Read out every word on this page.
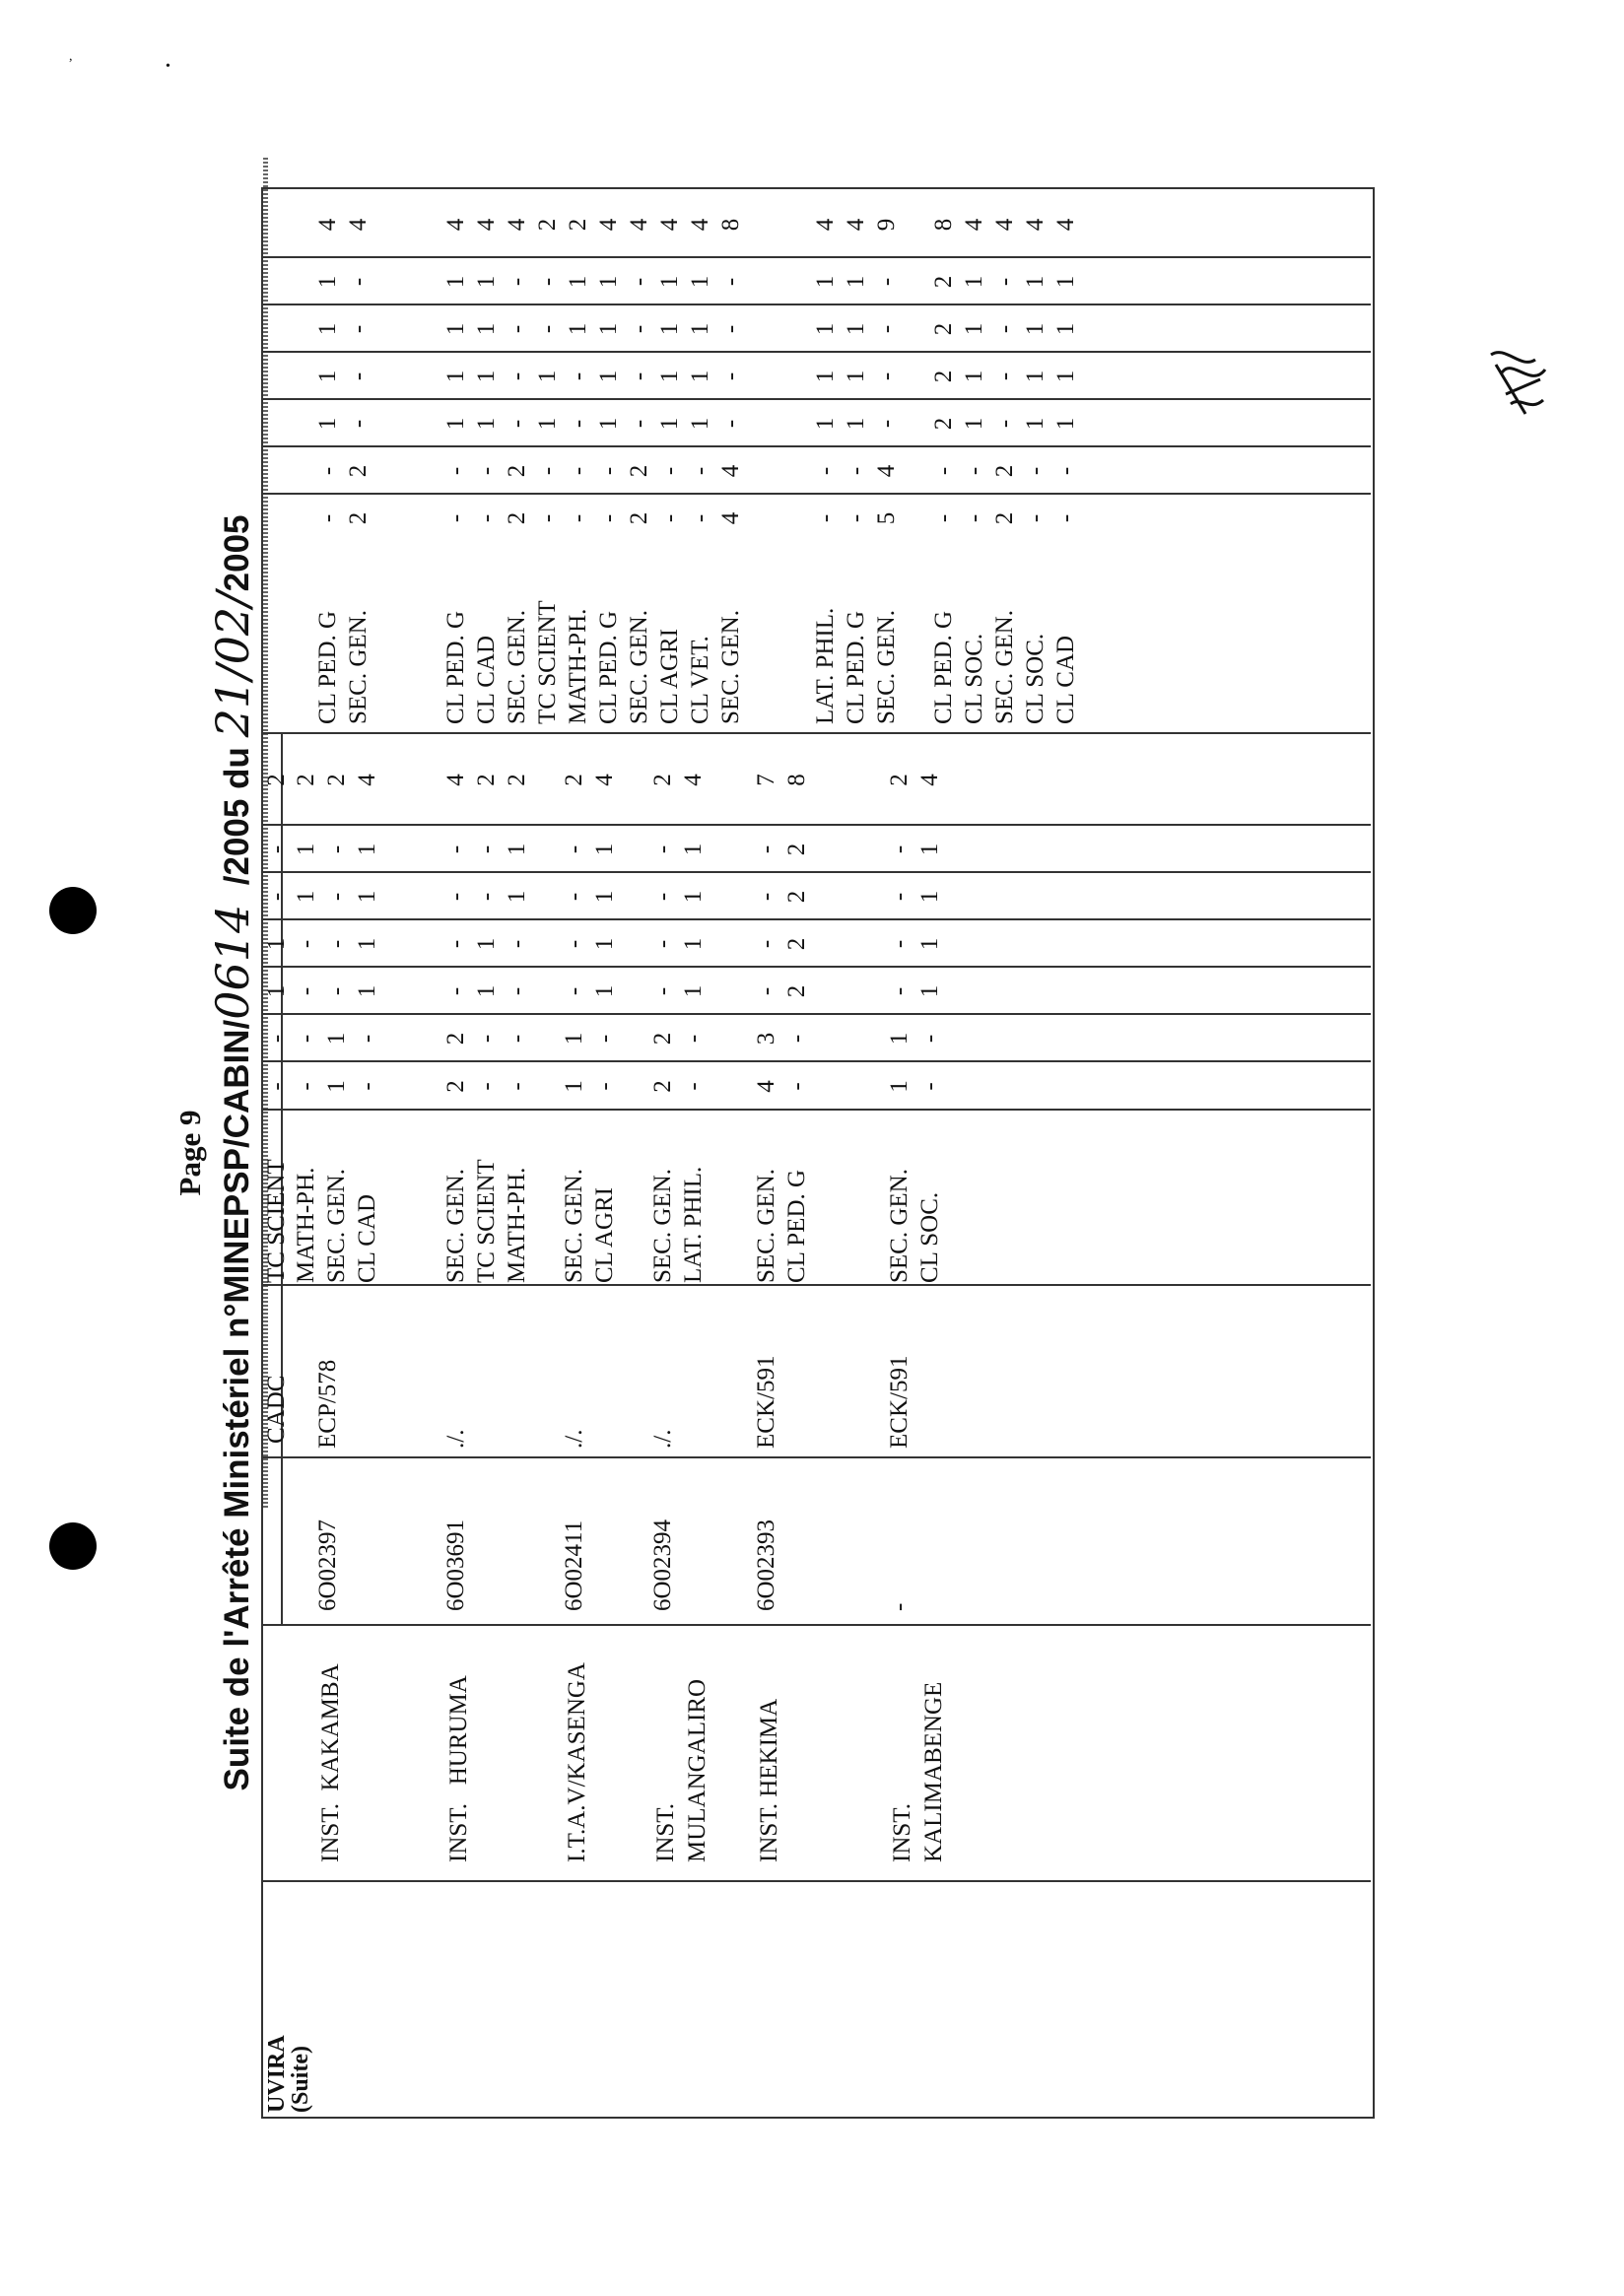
,
•
Page 9 Suite de l'Arrêté Ministériel n°MINEPSP/CABIN/0614  /2005 du 21/02/2005
UVIRA
(Suite)
INST.  KAKAMBA
6O02397
ECP/578
INST.   HURUMA
6O03691
./.
I.T.A.V/KASENGA
6O02411
./.
INST.
MULANGALIRO
6O02394
./.
INST. HEKIMA
6O02393
ECK/591
INST.
KALIMABENGE
-
ECK/591
CADC
TC SCIENT
-
-
1
1
-
-
2
MATH-PH.
-
-
-
-
1
1
2
SEC. GEN.
1
1
-
-
-
-
2
CL CAD
-
-
1
1
1
1
4
SEC. GEN.
2
2
-
-
-
-
4
TC SCIENT
-
-
1
1
-
-
2
MATH-PH.
-
-
-
-
1
1
2
SEC. GEN.
1
1
-
-
-
-
2
CL AGRI
-
-
1
1
1
1
4
SEC. GEN.
2
2
-
-
-
-
2
LAT. PHIL.
-
-
1
1
1
1
4
SEC. GEN.
4
3
-
-
-
-
7
CL PED. G
-
-
2
2
2
2
8
SEC. GEN.
1
1
-
-
-
-
2
CL SOC.
-
-
1
1
1
1
4
CL PED. G
-
-
1
1
1
1
4
SEC. GEN.
2
2
-
-
-
-
4
CL PED. G
-
-
1
1
1
1
4
CL CAD
-
-
1
1
1
1
4
SEC. GEN.
2
2
-
-
-
-
4
TC SCIENT
-
-
1
1
-
-
2
MATH-PH.
-
-
-
-
1
1
2
CL PED. G
-
-
1
1
1
1
4
SEC. GEN.
2
2
-
-
-
-
4
CL AGRI
-
-
1
1
1
1
4
CL VET.
-
-
1
1
1
1
4
SEC. GEN.
4
4
-
-
-
-
8
LAT. PHIL.
-
-
1
1
1
1
4
CL PED. G
-
-
1
1
1
1
4
SEC. GEN.
5
4
-
-
-
-
9
CL PED. G
-
-
2
2
2
2
8
CL SOC.
-
-
1
1
1
1
4
SEC. GEN.
2
2
-
-
-
-
4
CL SOC.
-
-
1
1
1
1
4
CL CAD
-
-
1
1
1
1
4
